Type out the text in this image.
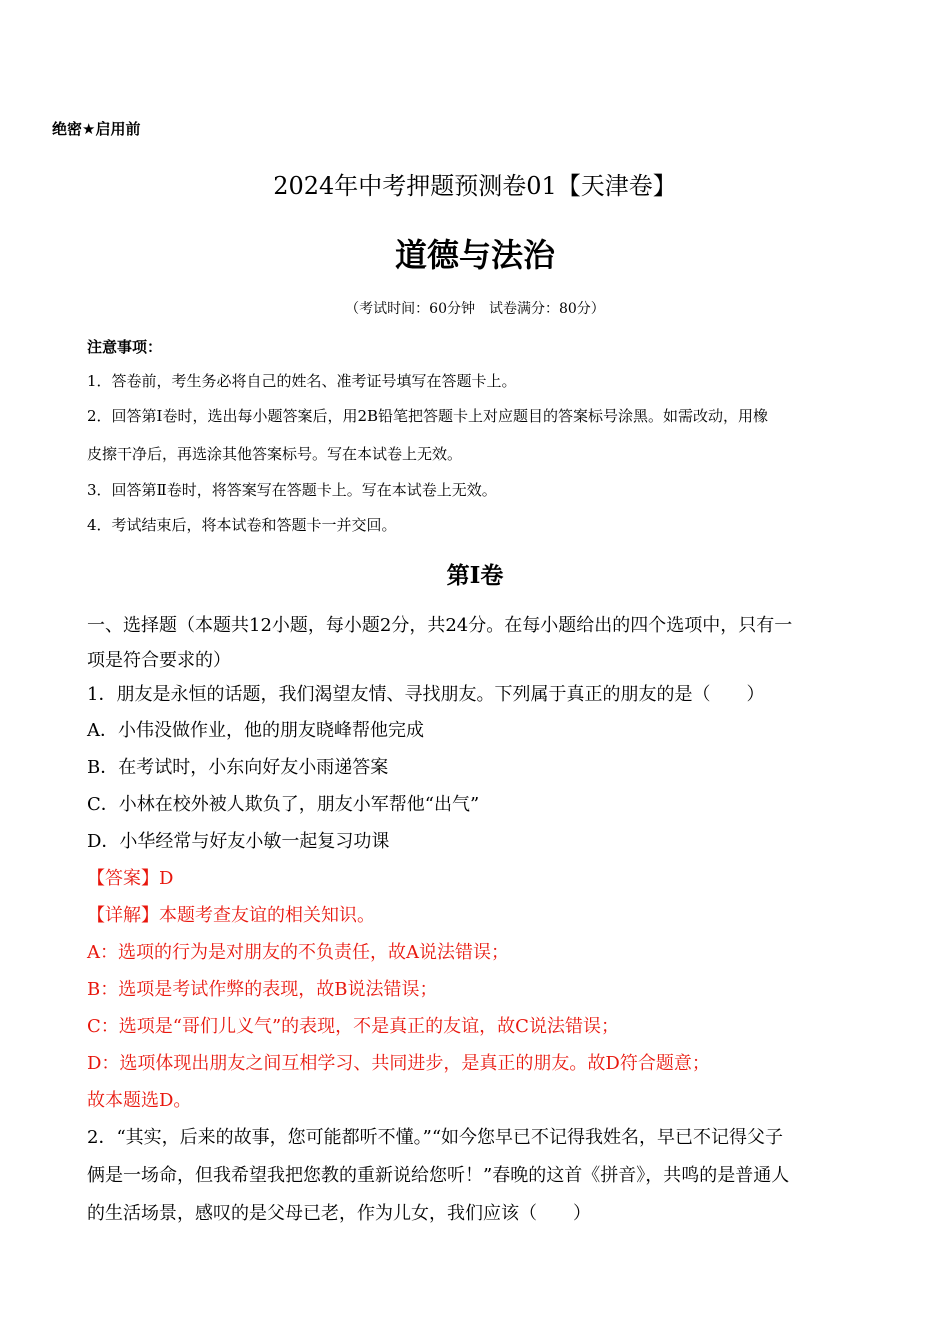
绝密★启用前
2024年中考押题预测卷01【天津卷】
道德与法治
（考试时间：60分钟　试卷满分：80分）
注意事项：
1．答卷前，考生务必将自己的姓名、准考证号填写在答题卡上。
2．回答第Ⅰ卷时，选出每小题答案后，用2B铅笔把答题卡上对应题目的答案标号涂黑。如需改动，用橡
皮擦干净后，再选涂其他答案标号。写在本试卷上无效。
3．回答第Ⅱ卷时，将答案写在答题卡上。写在本试卷上无效。
4．考试结束后，将本试卷和答题卡一并交回。
第Ⅰ卷
一、选择题（本题共12小题，每小题2分，共24分。在每小题给出的四个选项中，只有一
项是符合要求的）
1．朋友是永恒的话题，我们渴望友情、寻找朋友。下列属于真正的朋友的是（　　）
A．小伟没做作业，他的朋友晓峰帮他完成
B．在考试时，小东向好友小雨递答案
C．小林在校外被人欺负了，朋友小军帮他“出气”
D．小华经常与好友小敏一起复习功课
【答案】D
【详解】本题考查友谊的相关知识。
A：选项的行为是对朋友的不负责任，故A说法错误；
B：选项是考试作弊的表现，故B说法错误；
C：选项是“哥们儿义气”的表现，不是真正的友谊，故C说法错误；
D：选项体现出朋友之间互相学习、共同进步，是真正的朋友。故D符合题意；
故本题选D。
2．“其实，后来的故事，您可能都听不懂。”“如今您早已不记得我姓名，早已不记得父子
俩是一场命，但我希望我把您教的重新说给您听！”春晚的这首《拼音》，共鸣的是普通人
的生活场景，感叹的是父母已老，作为儿女，我们应该（　　）
